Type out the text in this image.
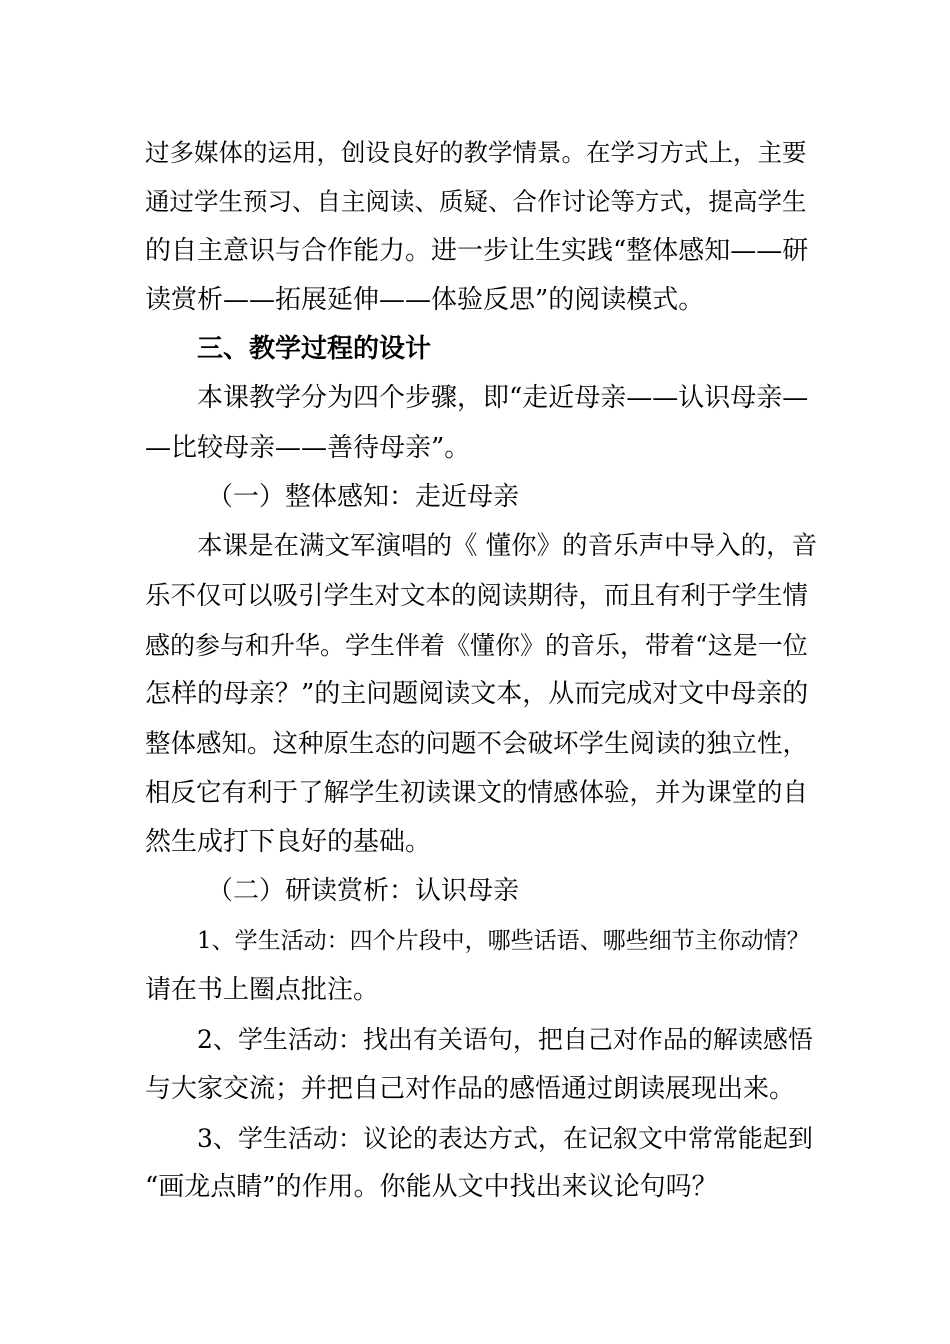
过多媒体的运用，创设良好的教学情景。在学习方式上，主要
通过学生预习、自主阅读、质疑、合作讨论等方式，提高学生
的自主意识与合作能力。进一步让生实践“整体感知——研
读赏析——拓展延伸——体验反思”的阅读模式。
三、教学过程的设计
本课教学分为四个步骤，即“走近母亲——认识母亲—
—比较母亲——善待母亲”。
（一）整体感知：走近母亲
本课是在满文军演唱的《 懂你》的音乐声中导入的，音
乐不仅可以吸引学生对文本的阅读期待，而且有利于学生情
感的参与和升华。学生伴着《懂你》的音乐，带着“这是一位
怎样的母亲？”的主问题阅读文本，从而完成对文中母亲的
整体感知。这种原生态的问题不会破坏学生阅读的独立性，
相反它有利于了解学生初读课文的情感体验，并为课堂的自
然生成打下良好的基础。
（二）研读赏析：认识母亲
1、学生活动：四个片段中，哪些话语、哪些细节主你动情？
请在书上圈点批注。
2、学生活动：找出有关语句，把自己对作品的解读感悟
与大家交流；并把自己对作品的感悟通过朗读展现出来。
3、学生活动：议论的表达方式，在记叙文中常常能起到
“画龙点睛”的作用。你能从文中找出来议论句吗？
